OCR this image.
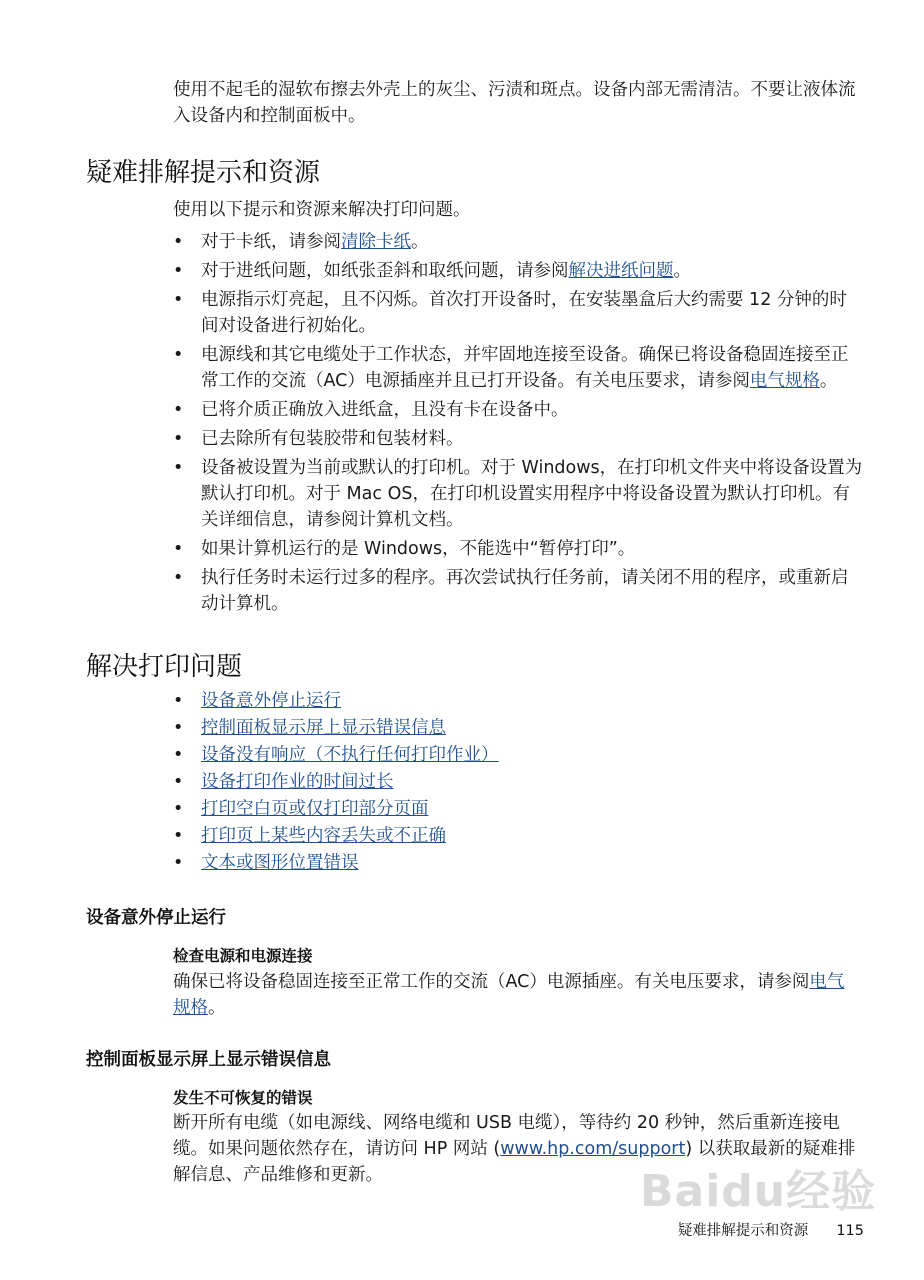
使用不起毛的湿软布擦去外壳上的灰尘、污渍和斑点。设备内部无需清洁。不要让液体流入设备内和控制面板中。

疑难排解提示和资源

使用以下提示和资源来解决打印问题。

• 对于卡纸，请参阅清除卡纸。
• 对于进纸问题，如纸张歪斜和取纸问题，请参阅解决进纸问题。
• 电源指示灯亮起，且不闪烁。首次打开设备时，在安装墨盒后大约需要 12 分钟的时间对设备进行初始化。
• 电源线和其它电缆处于工作状态，并牢固地连接至设备。确保已将设备稳固连接至正常工作的交流（AC）电源插座并且已打开设备。有关电压要求，请参阅电气规格。
• 已将介质正确放入进纸盒，且没有卡在设备中。
• 已去除所有包装胶带和包装材料。
• 设备被设置为当前或默认的打印机。对于 Windows，在打印机文件夹中将设备设置为默认打印机。对于 Mac OS，在打印机设置实用程序中将设备设置为默认打印机。有关详细信息，请参阅计算机文档。
• 如果计算机运行的是 Windows，不能选中“暂停打印”。
• 执行任务时未运行过多的程序。再次尝试执行任务前，请关闭不用的程序，或重新启动计算机。
解决打印问题
• 设备意外停止运行
• 控制面板显示屏上显示错误信息
• 设备没有响应（不执行任何打印作业）
• 设备打印作业的时间过长
• 打印空白页或仅打印部分页面
• 打印页上某些内容丢失或不正确
• 文本或图形位置错误
设备意外停止运行
检查电源和电源连接

确保已将设备稳固连接至正常工作的交流（AC）电源插座。有关电压要求，请参阅电气规格。

控制面板显示屏上显示错误信息
发生不可恢复的错误

断开所有电缆（如电源线、网络电缆和 USB 电缆），等待约 20 秒钟，然后重新连接电缆。如果问题依然存在，请访问 HP 网站 (www.hp.com/support) 以获取最新的疑难排解信息、产品维修和更新。	Baidu经验
疑难排解提示和资源 115
